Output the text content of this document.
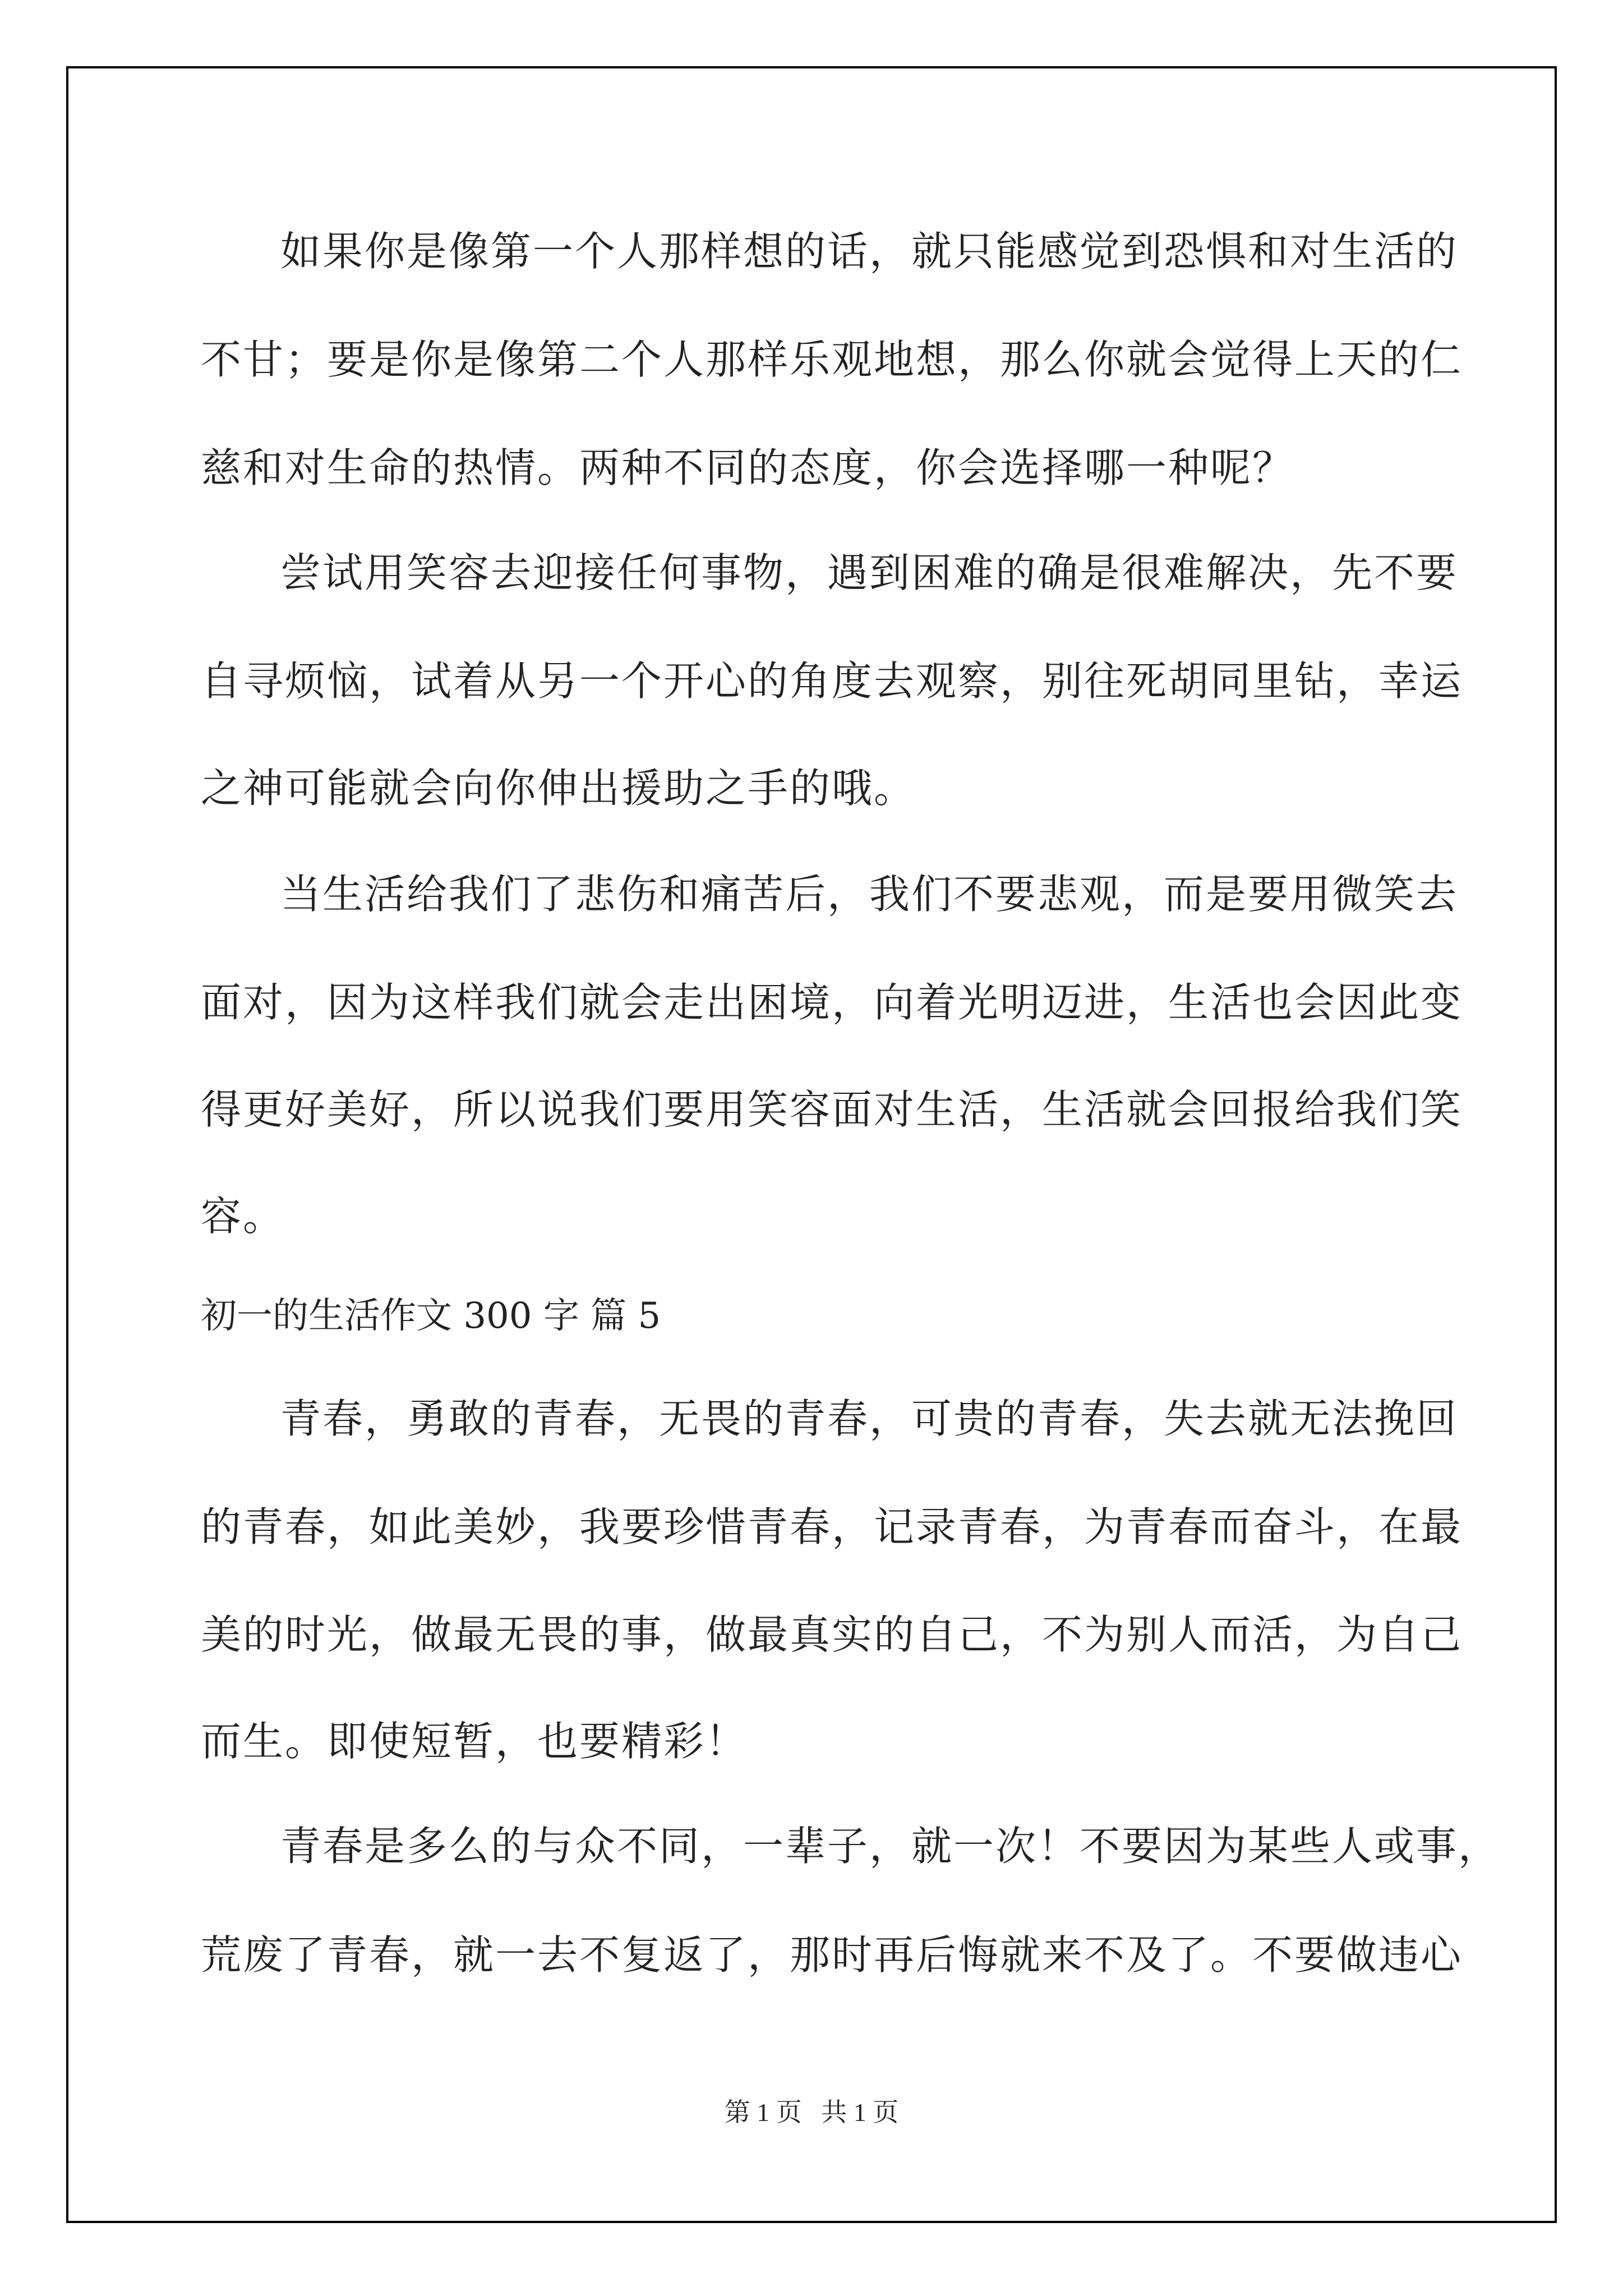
如果你是像第一个人那样想的话，就只能感觉到恐惧和对生活的
不甘；要是你是像第二个人那样乐观地想，那么你就会觉得上天的仁
慈和对生命的热情。两种不同的态度，你会选择哪一种呢？
尝试用笑容去迎接任何事物，遇到困难的确是很难解决，先不要
自寻烦恼，试着从另一个开心的角度去观察，别往死胡同里钻，幸运
之神可能就会向你伸出援助之手的哦。
当生活给我们了悲伤和痛苦后，我们不要悲观，而是要用微笑去
面对，因为这样我们就会走出困境，向着光明迈进，生活也会因此变
得更好美好，所以说我们要用笑容面对生活，生活就会回报给我们笑
容。
初一的生活作文 300 字 篇 5
青春，勇敢的青春，无畏的青春，可贵的青春，失去就无法挽回
的青春，如此美妙，我要珍惜青春，记录青春，为青春而奋斗，在最
美的时光，做最无畏的事，做最真实的自己，不为别人而活，为自己
而生。即使短暂，也要精彩！
青春是多么的与众不同，一辈子，就一次！不要因为某些人或事，
荒废了青春，就一去不复返了，那时再后悔就来不及了。不要做违心
第 1 页   共 1 页
